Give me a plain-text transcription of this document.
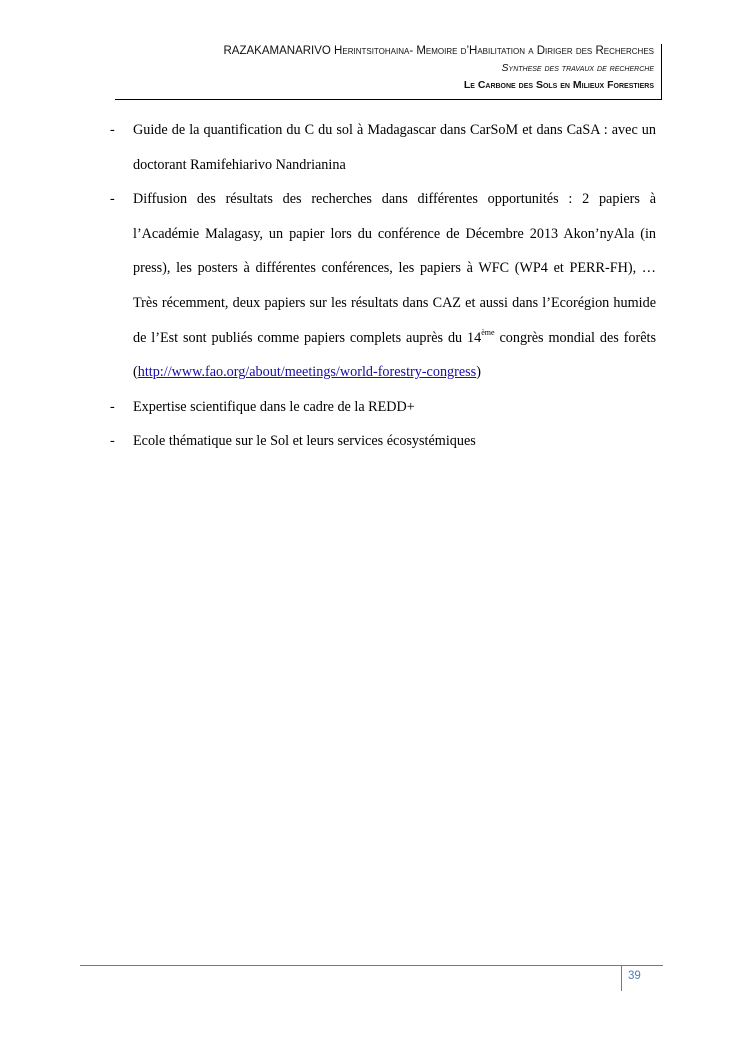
RAZAKAMANARIVO Herintsitohaina- Memoire d’Habilitation a Diriger des Recherches
Synthese des travaux de recherche
Le Carbone des Sols en Milieux Forestiers
- Guide de la quantification du C du sol à Madagascar dans CarSoM et dans CaSA : avec un doctorant Ramifehiarivo Nandrianina
- Diffusion des résultats des recherches dans différentes opportunités : 2 papiers à l’Académie Malagasy, un papier lors du conférence de Décembre 2013 Akon’nyAla (in press), les posters à différentes conférences, les papiers à WFC (WP4 et PERR-FH), … Très récemment, deux papiers sur les résultats dans CAZ et aussi dans l’Ecorégion humide de l’Est sont publiés comme papiers complets auprès du 14ème congrès mondial des forêts (http://www.fao.org/about/meetings/world-forestry-congress)
- Expertise scientifique dans le cadre de la REDD+
- Ecole thématique sur le Sol et leurs services écosystémiques
39
